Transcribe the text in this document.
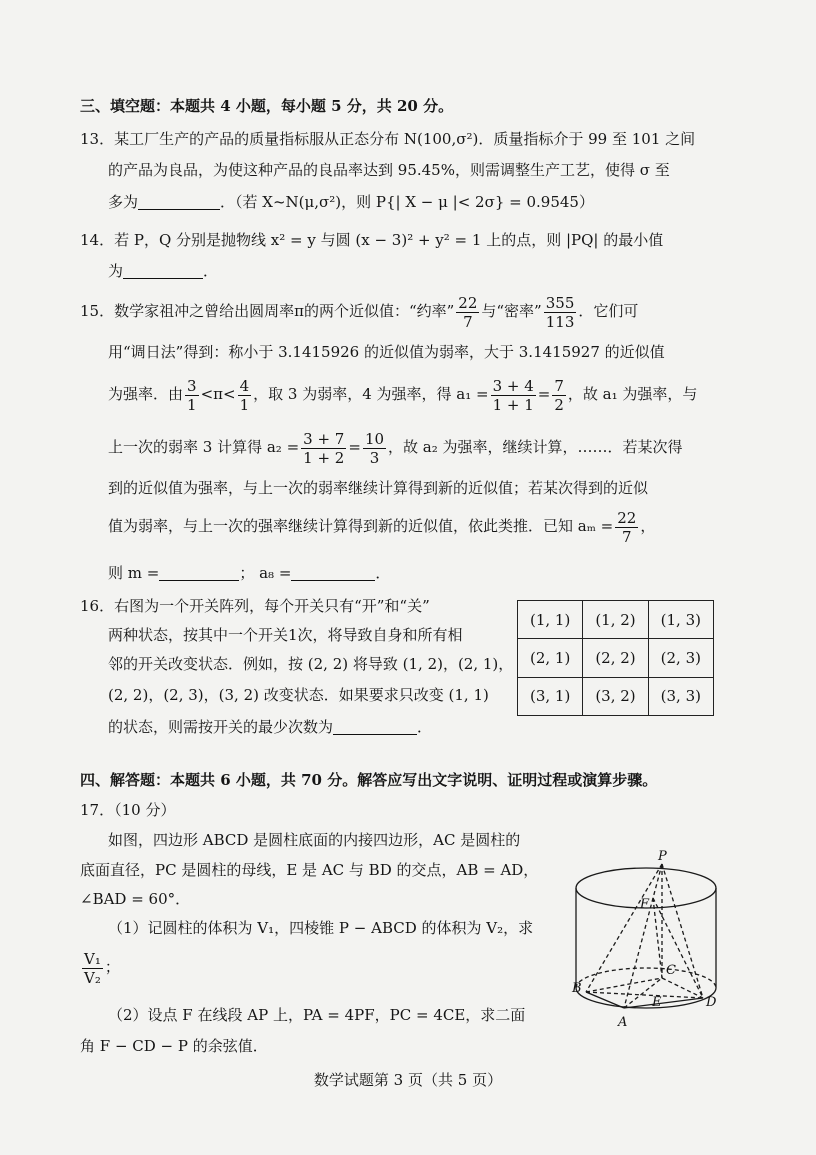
三、填空题：本题共 4 小题，每小题 5 分，共 20 分。
13．某工厂生产的产品的质量指标服从正态分布 N(100,σ²)．质量指标介于 99 至 101 之间
的产品为良品，为使这种产品的良品率达到 95.45%，则需调整生产工艺，使得 σ 至
多为	．（若 X~N(μ,σ²)，则 P{| X − μ |< 2σ} = 0.9545）
14．若 P，Q 分别是抛物线 x² = y 与圆 (x − 3)² + y² = 1 上的点，则 |PQ| 的最小值
为	．
15．数学家祖冲之曾给出圆周率π的两个近似值：“约率” $\frac{22}{7}$ 与“密率” $\frac{355}{113}$ ．它们可
用“调日法”得到：称小于 3.1415926 的近似值为弱率，大于 3.1415927 的近似值
为强率．由 $\frac{3}{1} <\pi< \frac{4}{1}$ ，取 3 为弱率，4 为强率，得 $a_1 = \frac{3 + 4}{1 + 1} = \frac{7}{2}$ ，故 a₁ 为强率，与
上一次的弱率 3 计算得 $a_2 = \frac{3 + 7}{1 + 2} = \frac{10}{3}$ ，故 a₂ 为强率，继续计算，……．若某次得
到的近似值为强率，与上一次的弱率继续计算得到新的近似值；若某次得到的近似
值为弱率，与上一次的强率继续计算得到新的近似值，依此类推．已知 $a_m = \frac{22}{7}$ ，
则 m =	； a₈ =	．
16．右图为一个开关阵列，每个开关只有“开”和“关”
两种状态，按其中一个开关1次，将导致自身和所有相
邻的开关改变状态．例如，按 (2, 2) 将导致 (1, 2)，(2, 1)，
(2, 2)，(2, 3)，(3, 2) 改变状态．如果要求只改变 (1, 1)
的状态，则需按开关的最少次数为	．
(1, 1)	(1, 2)	(1, 3)
(2, 1)	(2, 2)	(2, 3)
(3, 1)	(3, 2)	(3, 3)
四、解答题：本题共 6 小题，共 70 分。解答应写出文字说明、证明过程或演算步骤。
17．（10 分）
如图，四边形 ABCD 是圆柱底面的内接四边形，AC 是圆柱的
底面直径，PC 是圆柱的母线，E 是 AC 与 BD 的交点，AB = AD，
∠BAD = 60°．
（1）记圆柱的体积为 V₁，四棱锥 P − ABCD 的体积为 V₂，求
$\frac{\text{V₁}}{\text{V₂}}$ ；
（2）设点 F 在线段 AP 上，PA = 4PF，PC = 4CE，求二面
角 F − CD − P 的余弦值．
P
F
C
B
E	D
A
数学试题第 3 页（共 5 页）
